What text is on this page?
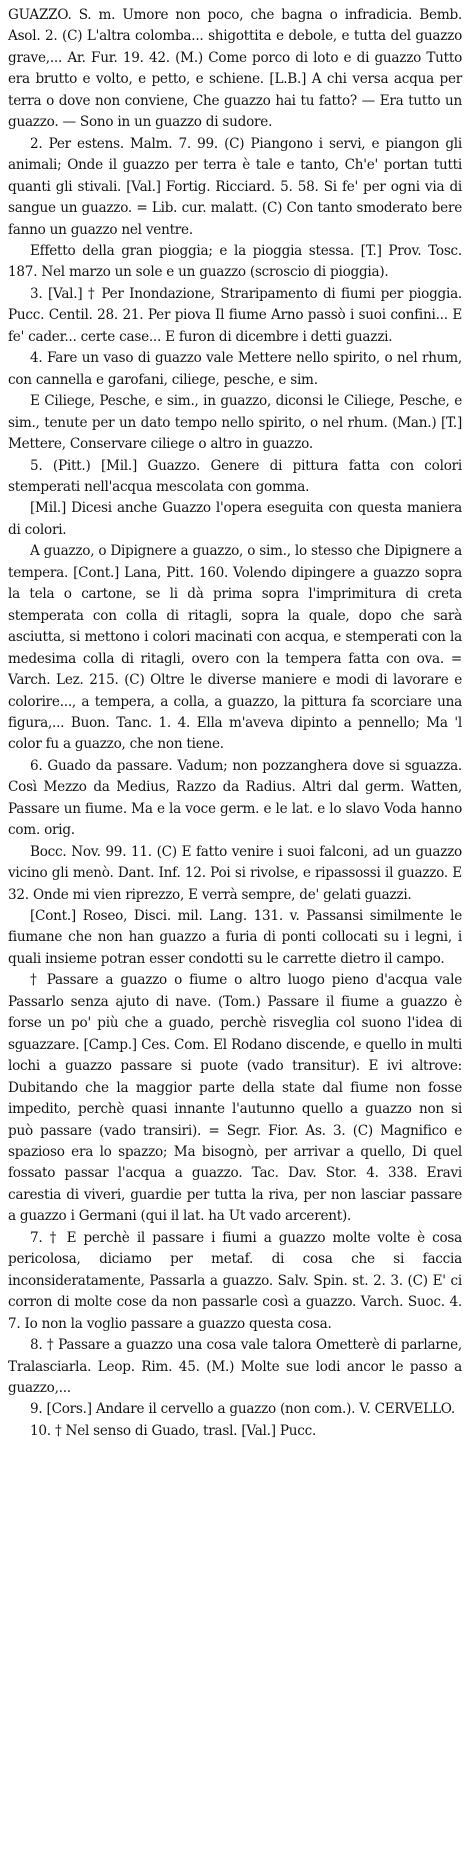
GUAZZO. S. m. Umore non poco, che bagna o infradicia. Bemb. Asol. 2. (C) L'altra colomba... shigottita e debole, e tutta del guazzo grave,... Ar. Fur. 19. 42. (M.) Come porco di loto e di guazzo Tutto era brutto e volto, e petto, e schiene. [L.B.] A chi versa acqua per terra o dove non conviene, Che guazzo hai tu fatto? — Era tutto un guazzo. — Sono in un guazzo di sudore.

2. Per estens. Malm. 7. 99. (C) Piangono i servi, e piangon gli animali; Onde il guazzo per terra è tale e tanto, Ch'e' portan tutti quanti gli stivali. [Val.] Fortig. Ricciard. 5. 58. Si fe' per ogni via di sangue un guazzo. = Lib. cur. malatt. (C) Con tanto smoderato bere fanno un guazzo nel ventre.

Effetto della gran pioggia; e la pioggia stessa. [T.] Prov. Tosc. 187. Nel marzo un sole e un guazzo (scroscio di pioggia).

3. [Val.] † Per Inondazione, Straripamento di fiumi per pioggia. Pucc. Centil. 28. 21. Per piova Il fiume Arno passò i suoi confini... E fe' cader... certe case... E furon di dicembre i detti guazzi.

4. Fare un vaso di guazzo vale Mettere nello spirito, o nel rhum, con cannella e garofani, ciliege, pesche, e sim.

E Ciliege, Pesche, e sim., in guazzo, diconsi le Ciliege, Pesche, e sim., tenute per un dato tempo nello spirito, o nel rhum. (Man.) [T.] Mettere, Conservare ciliege o altro in guazzo.

5. (Pitt.) [Mil.] Guazzo. Genere di pittura fatta con colori stemperati nell'acqua mescolata con gomma.

[Mil.] Dicesi anche Guazzo l'opera eseguita con questa maniera di colori.

A guazzo, o Dipignere a guazzo, o sim., lo stesso che Dipignere a tempera. [Cont.] Lana, Pitt. 160. Volendo dipingere a guazzo sopra la tela o cartone, se li dà prima sopra l'imprimitura di creta stemperata con colla di ritagli, sopra la quale, dopo che sarà asciutta, si mettono i colori macinati con acqua, e stemperati con la medesima colla di ritagli, overo con la tempera fatta con ova. = Varch. Lez. 215. (C) Oltre le diverse maniere e modi di lavorare e colorire..., a tempera, a colla, a guazzo, la pittura fa scorciare una figura,... Buon. Tanc. 1. 4. Ella m'aveva dipinto a pennello; Ma 'l color fu a guazzo, che non tiene.

6. Guado da passare. Vadum; non pozzanghera dove si sguazza. Così Mezzo da Medius, Razzo da Radius. Altri dal germ. Watten, Passare un fiume. Ma e la voce germ. e le lat. e lo slavo Voda hanno com. orig.

Bocc. Nov. 99. 11. (C) E fatto venire i suoi falconi, ad un guazzo vicino gli menò. Dant. Inf. 12. Poi si rivolse, e ripassossi il guazzo. E 32. Onde mi vien riprezzo, E verrà sempre, de' gelati guazzi.

[Cont.] Roseo, Disci. mil. Lang. 131. v. Passansi similmente le fiumane che non han guazzo a furia di ponti collocati su i legni, i quali insieme potran esser condotti su le carrette dietro il campo.

† Passare a guazzo o fiume o altro luogo pieno d'acqua vale Passarlo senza ajuto di nave. (Tom.) Passare il fiume a guazzo è forse un po' più che a guado, perchè risveglia col suono l'idea di sguazzare. [Camp.] Ces. Com. El Rodano discende, e quello in multi lochi a guazzo passare si puote (vado transitur). E ivi altrove: Dubitando che la maggior parte della state dal fiume non fosse impedito, perchè quasi innante l'autunno quello a guazzo non si può passare (vado transiri). = Segr. Fior. As. 3. (C) Magnifico e spazioso era lo spazzo; Ma bisognò, per arrivar a quello, Di quel fossato passar l'acqua a guazzo. Tac. Dav. Stor. 4. 338. Eravi carestia di viveri, guardie per tutta la riva, per non lasciar passare a guazzo i Germani (qui il lat. ha Ut vado arcerent).

7. † E perchè il passare i fiumi a guazzo molte volte è cosa pericolosa, diciamo per metaf. di cosa che si faccia inconsideratamente, Passarla a guazzo. Salv. Spin. st. 2. 3. (C) E' ci corron di molte cose da non passarle così a guazzo. Varch. Suoc. 4. 7. Io non la voglio passare a guazzo questa cosa.

8. † Passare a guazzo una cosa vale talora Ometterè di parlarne, Tralasciarla. Leop. Rim. 45. (M.) Molte sue lodi ancor le passo a guazzo,...

9. [Cors.] Andare il cervello a guazzo (non com.). V. CERVELLO.

10. † Nel senso di Guado, trasl. [Val.] Pucc.
